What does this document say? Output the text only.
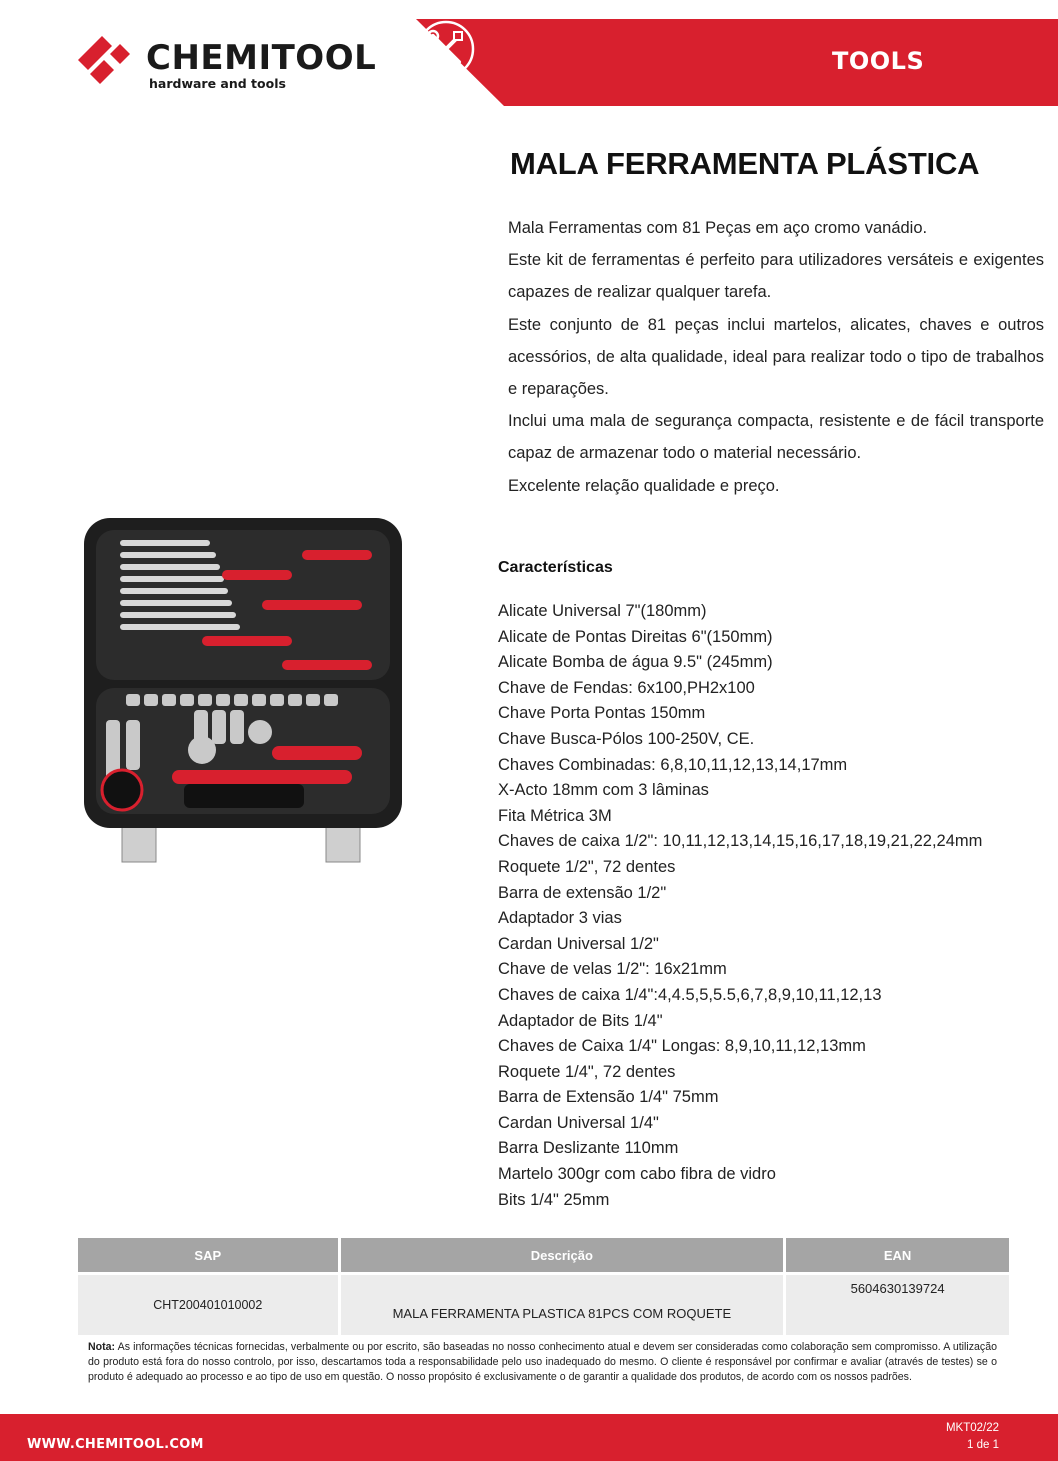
CHEMITOOL
hardware and tools
TOOLS
MALA FERRAMENTA PLÁSTICA

Mala Ferramentas com 81 Peças em aço cromo vanádio.

Este kit de ferramentas é perfeito para utilizadores versáteis e exigentes capazes de realizar qualquer tarefa.

Este conjunto de 81 peças inclui martelos, alicates, chaves e outros acessórios, de alta qualidade, ideal para realizar todo o tipo de trabalhos e reparações.

Inclui uma mala de segurança compacta, resistente e de fácil transporte capaz de armazenar todo o material necessário.

Excelente relação qualidade e preço.

Características
Alicate Universal 7"(180mm)
Alicate de Pontas Direitas 6"(150mm)
Alicate Bomba de água 9.5" (245mm)
Chave de Fendas: 6x100,PH2x100
Chave Porta Pontas 150mm
Chave Busca-Pólos 100-250V, CE.
Chaves Combinadas: 6,8,10,11,12,13,14,17mm
X-Acto 18mm com 3 lâminas
Fita Métrica 3M
Chaves de caixa 1/2": 10,11,12,13,14,15,16,17,18,19,21,22,24mm
Roquete 1/2", 72 dentes
Barra de extensão 1/2"
Adaptador 3 vias
Cardan Universal 1/2"
Chave de velas 1/2": 16x21mm
Chaves de caixa 1/4":4,4.5,5,5.5,6,7,8,9,10,11,12,13
Adaptador de Bits 1/4"
Chaves de Caixa 1/4" Longas: 8,9,10,11,12,13mm
Roquete 1/4", 72 dentes
Barra de Extensão 1/4" 75mm
Cardan Universal 1/4"
Barra Deslizante 110mm
Martelo 300gr com cabo fibra de vidro
Bits 1/4" 25mm
SAP	Descrição	EAN
CHT200401010002	MALA FERRAMENTA PLASTICA 81PCS COM ROQUETE	5604630139724

Nota: As informações técnicas fornecidas, verbalmente ou por escrito, são baseadas no nosso conhecimento atual e devem ser consideradas como colaboração sem compromisso. A utilização do produto está fora do nosso controlo, por isso, descartamos toda a responsabilidade pelo uso inadequado do mesmo. O cliente é responsável por confirmar e avaliar (através de testes) se o produto é adequado ao processo e ao tipo de uso em questão. O nosso propósito é exclusivamente o de garantir a qualidade dos produtos, de acordo com os nossos padrões.

WWW.CHEMITOOL.COM
MKT02/22
1 de 1
